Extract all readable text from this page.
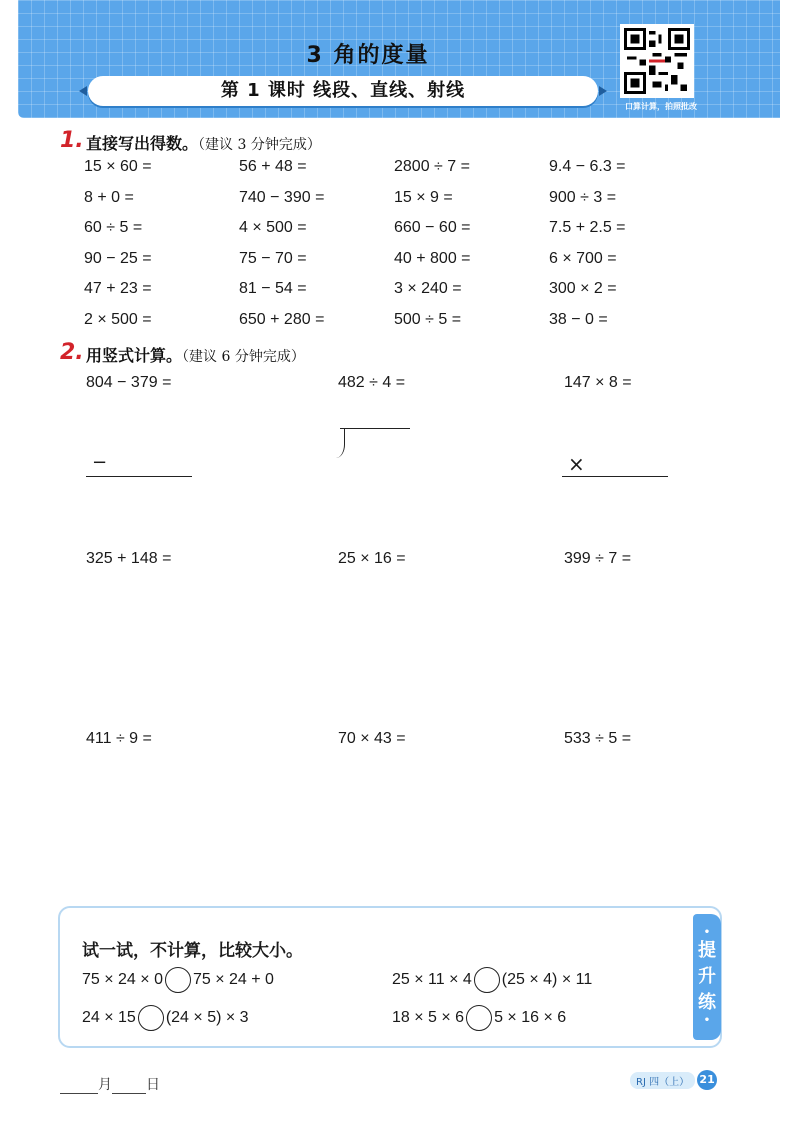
3 角的度量
第 1 课时 线段、直线、射线
口算计算，拍照批改
1. 直接写出得数。（建议 3 分钟完成）
15 × 60 =	56 + 48 =	2800 ÷ 7 =	9.4 − 6.3 =
8 + 0 =	740 − 390 =	15 × 9 =	900 ÷ 3 =
60 ÷ 5 =	4 × 500 =	660 − 60 =	7.5 + 2.5 =
90 − 25 =	75 − 70 =	40 + 800 =	6 × 700 =
47 + 23 =	81 − 54 =	3 × 240 =	300 × 2 =
2 × 500 =	650 + 280 =	500 ÷ 5 =	38 − 0 =
2. 用竖式计算。（建议 6 分钟完成）
804 − 379 =	482 ÷ 4 =	147 × 8 =
−	×
325 + 148 =	25 × 16 =	399 ÷ 7 =
411 ÷ 9 =	70 × 43 =	533 ÷ 5 =
•
提
升
练
•
试一试，不计算，比较大小。
75 × 24 × 0 75 × 24 + 0	25 × 11 × 4 (25 × 4) × 11
24 × 15 (24 × 5) × 3	18 × 5 × 6 5 × 16 × 6
月 日	RJ 四（上） 21
